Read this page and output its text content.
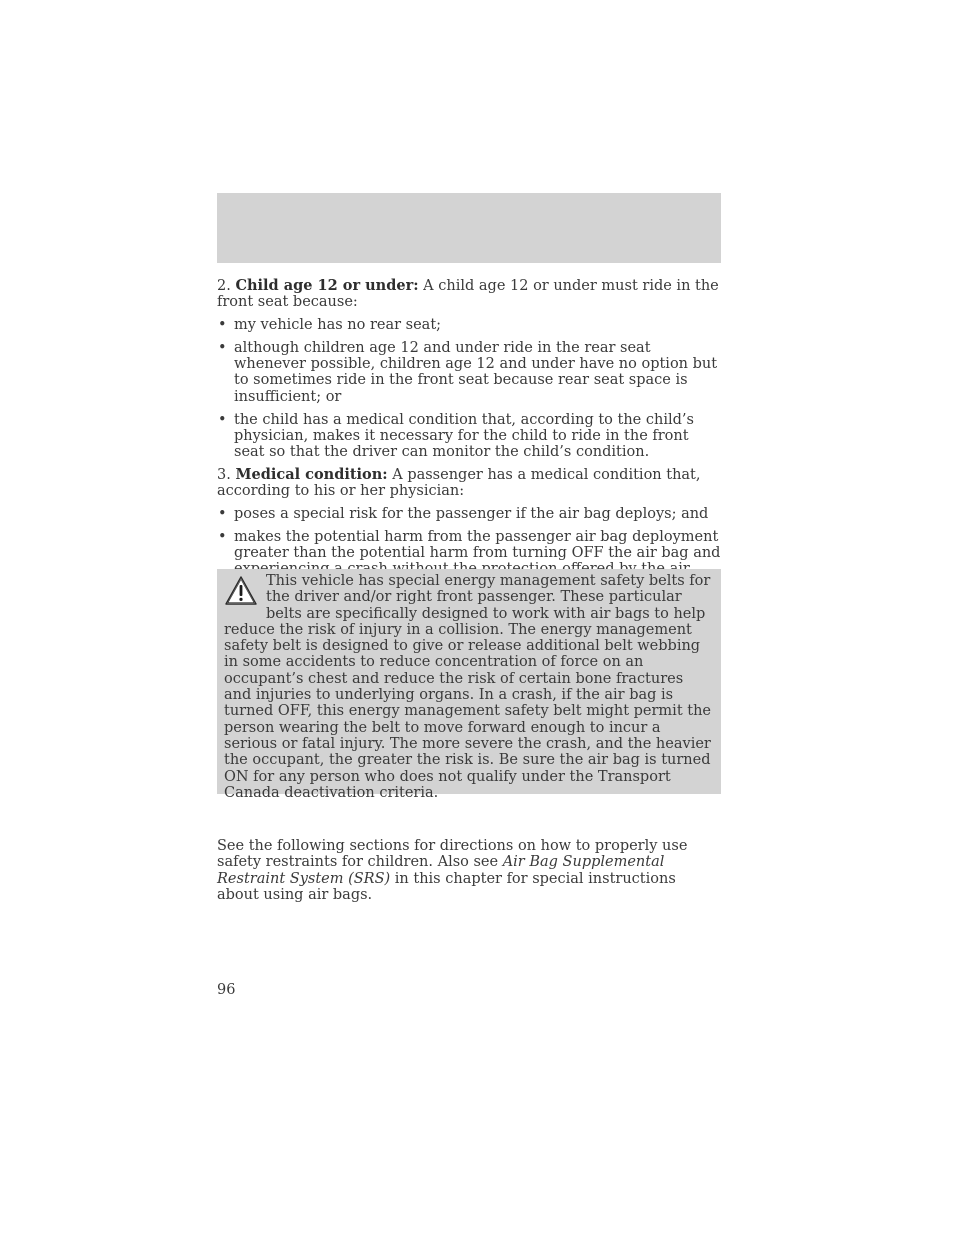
2. Child age 12 or under: A child age 12 or under must ride in the front seat because:

• my vehicle has no rear seat;
• although children age 12 and under ride in the rear seat whenever possible, children age 12 and under have no option but to sometimes ride in the front seat because rear seat space is insufficient; or
• the child has a medical condition that, according to the child’s physician, makes it necessary for the child to ride in the front seat so that the driver can monitor the child’s condition.

3. Medical condition: A passenger has a medical condition that, according to his or her physician:

• poses a special risk for the passenger if the air bag deploys; and
• makes the potential harm from the passenger air bag deployment greater than the potential harm from turning OFF the air bag and

This vehicle has special energy management safety belts for the driver and/or right front passenger. These particular belts are specifically designed to work with air bags to help reduce the risk of injury in a collision. The energy management safety belt is designed to give or release additional belt webbing in some accidents to reduce concentration of force on an occupant’s chest and reduce the risk of certain bone fractures and injuries to underlying organs. In a crash, if the air bag is turned OFF, this energy management safety belt might permit the person wearing the belt to move forward enough to incur a serious or fatal injury. The more severe the crash, and the heavier the occupant, the greater the risk is. Be sure the air bag is turned ON for any person who does not qualify under the Transport Canada deactivation criteria.

See the following sections for directions on how to properly use safety restraints for children. Also see Air Bag Supplemental Restraint System (SRS) in this chapter for special instructions about using air bags.

96
